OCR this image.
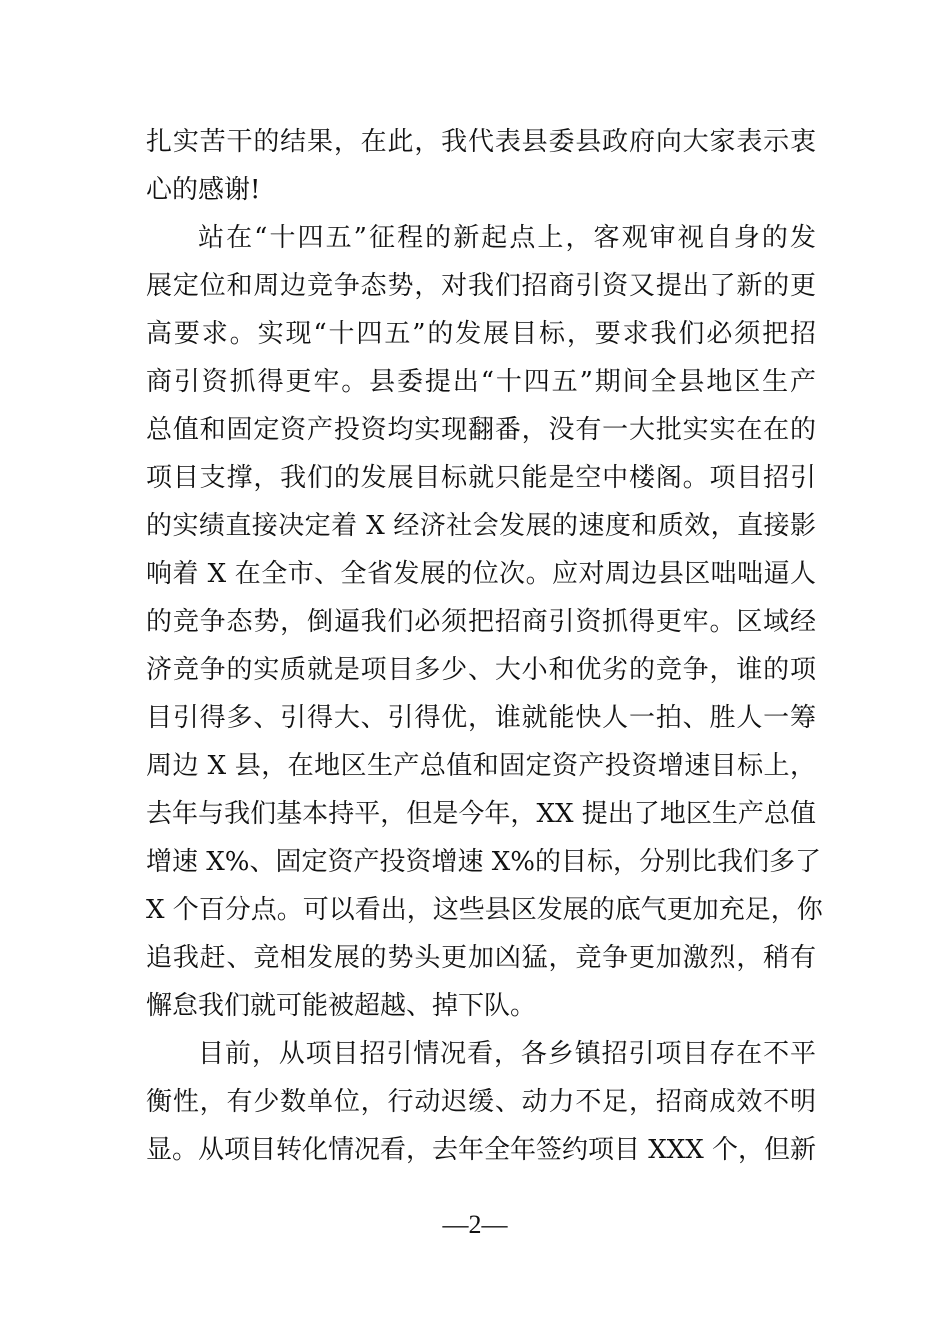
扎实苦干的结果，在此，我代表县委县政府向大家表示衷
心的感谢!
站在“十四五”征程的新起点上，客观审视自身的发
展定位和周边竞争态势，对我们招商引资又提出了新的更
高要求。实现“十四五”的发展目标，要求我们必须把招
商引资抓得更牢。县委提出“十四五”期间全县地区生产
总值和固定资产投资均实现翻番，没有一大批实实在在的
项目支撑，我们的发展目标就只能是空中楼阁。项目招引
的实绩直接决定着 X 经济社会发展的速度和质效，直接影
响着 X 在全市、全省发展的位次。应对周边县区咄咄逼人
的竞争态势，倒逼我们必须把招商引资抓得更牢。区域经
济竞争的实质就是项目多少、大小和优劣的竞争，谁的项
目引得多、引得大、引得优，谁就能快人一拍、胜人一筹
周边 X 县，在地区生产总值和固定资产投资增速目标上，
去年与我们基本持平，但是今年，XX 提出了地区生产总值
增速 X%、固定资产投资增速 X%的目标，分别比我们多了
X 个百分点。可以看出，这些县区发展的底气更加充足，你
追我赶、竞相发展的势头更加凶猛，竞争更加激烈，稍有
懈怠我们就可能被超越、掉下队。
目前，从项目招引情况看，各乡镇招引项目存在不平
衡性，有少数单位，行动迟缓、动力不足，招商成效不明
显。从项目转化情况看，去年全年签约项目 XXX 个，但新
—2—
